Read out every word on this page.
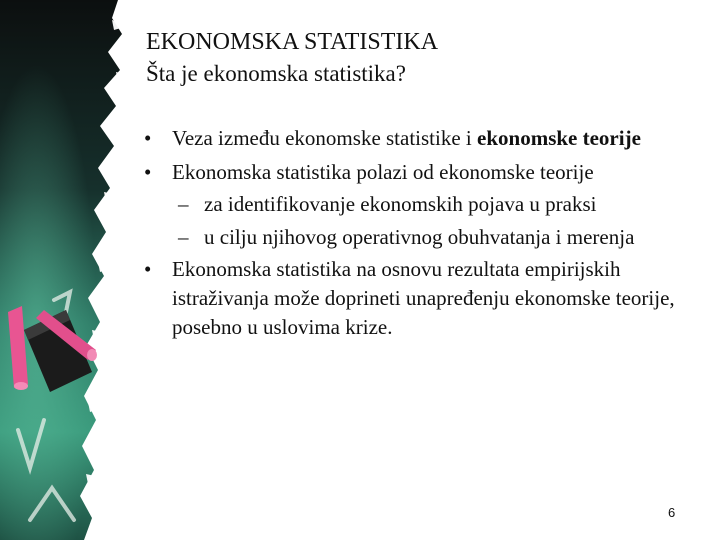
EKONOMSKA STATISTIKA
Šta je ekonomska statistika?
• Veza između ekonomske statistike i ekonomske teorije
• Ekonomska statistika polazi od ekonomske teorije
– za identifikovanje ekonomskih pojava u praksi
– u cilju njihovog operativnog obuhvatanja i merenja
• Ekonomska statistika na osnovu rezultata empirijskih istraživanja može doprineti unapređenju ekonomske teorije, posebno u uslovima krize.
6
